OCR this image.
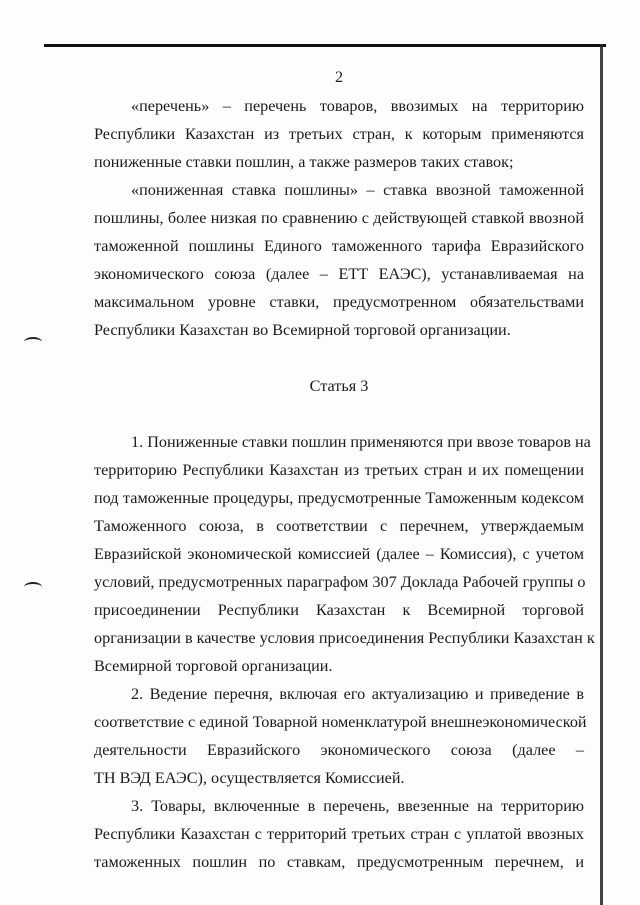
2
«перечень» – перечень товаров, ввозимых на территорию
Республики Казахстан из третьих стран, к которым применяются
пониженные ставки пошлин, а также размеров таких ставок;
«пониженная ставка пошлины» – ставка ввозной таможенной
пошлины, более низкая по сравнению с действующей ставкой ввозной
таможенной пошлины Единого таможенного тарифа Евразийского
экономического союза (далее – ЕТТ ЕАЭС), устанавливаемая на
максимальном уровне ставки, предусмотренном обязательствами
Республики Казахстан во Всемирной торговой организации.
Статья 3
1. Пониженные ставки пошлин применяются при ввозе товаров на
территорию Республики Казахстан из третьих стран и их помещении
под таможенные процедуры, предусмотренные Таможенным кодексом
Таможенного союза, в соответствии с перечнем, утверждаемым
Евразийской экономической комиссией (далее – Комиссия), с учетом
условий, предусмотренных параграфом 307 Доклада Рабочей группы о
присоединении Республики Казахстан к Всемирной торговой
организации в качестве условия присоединения Республики Казахстан к
Всемирной торговой организации.
2. Ведение перечня, включая его актуализацию и приведение в
соответствие с единой Товарной номенклатурой внешнеэкономической
деятельности Евразийского экономического союза (далее –
ТН ВЭД ЕАЭС), осуществляется Комиссией.
3. Товары, включенные в перечень, ввезенные на территорию
Республики Казахстан с территорий третьих стран с уплатой ввозных
таможенных пошлин по ставкам, предусмотренным перечнем, и
